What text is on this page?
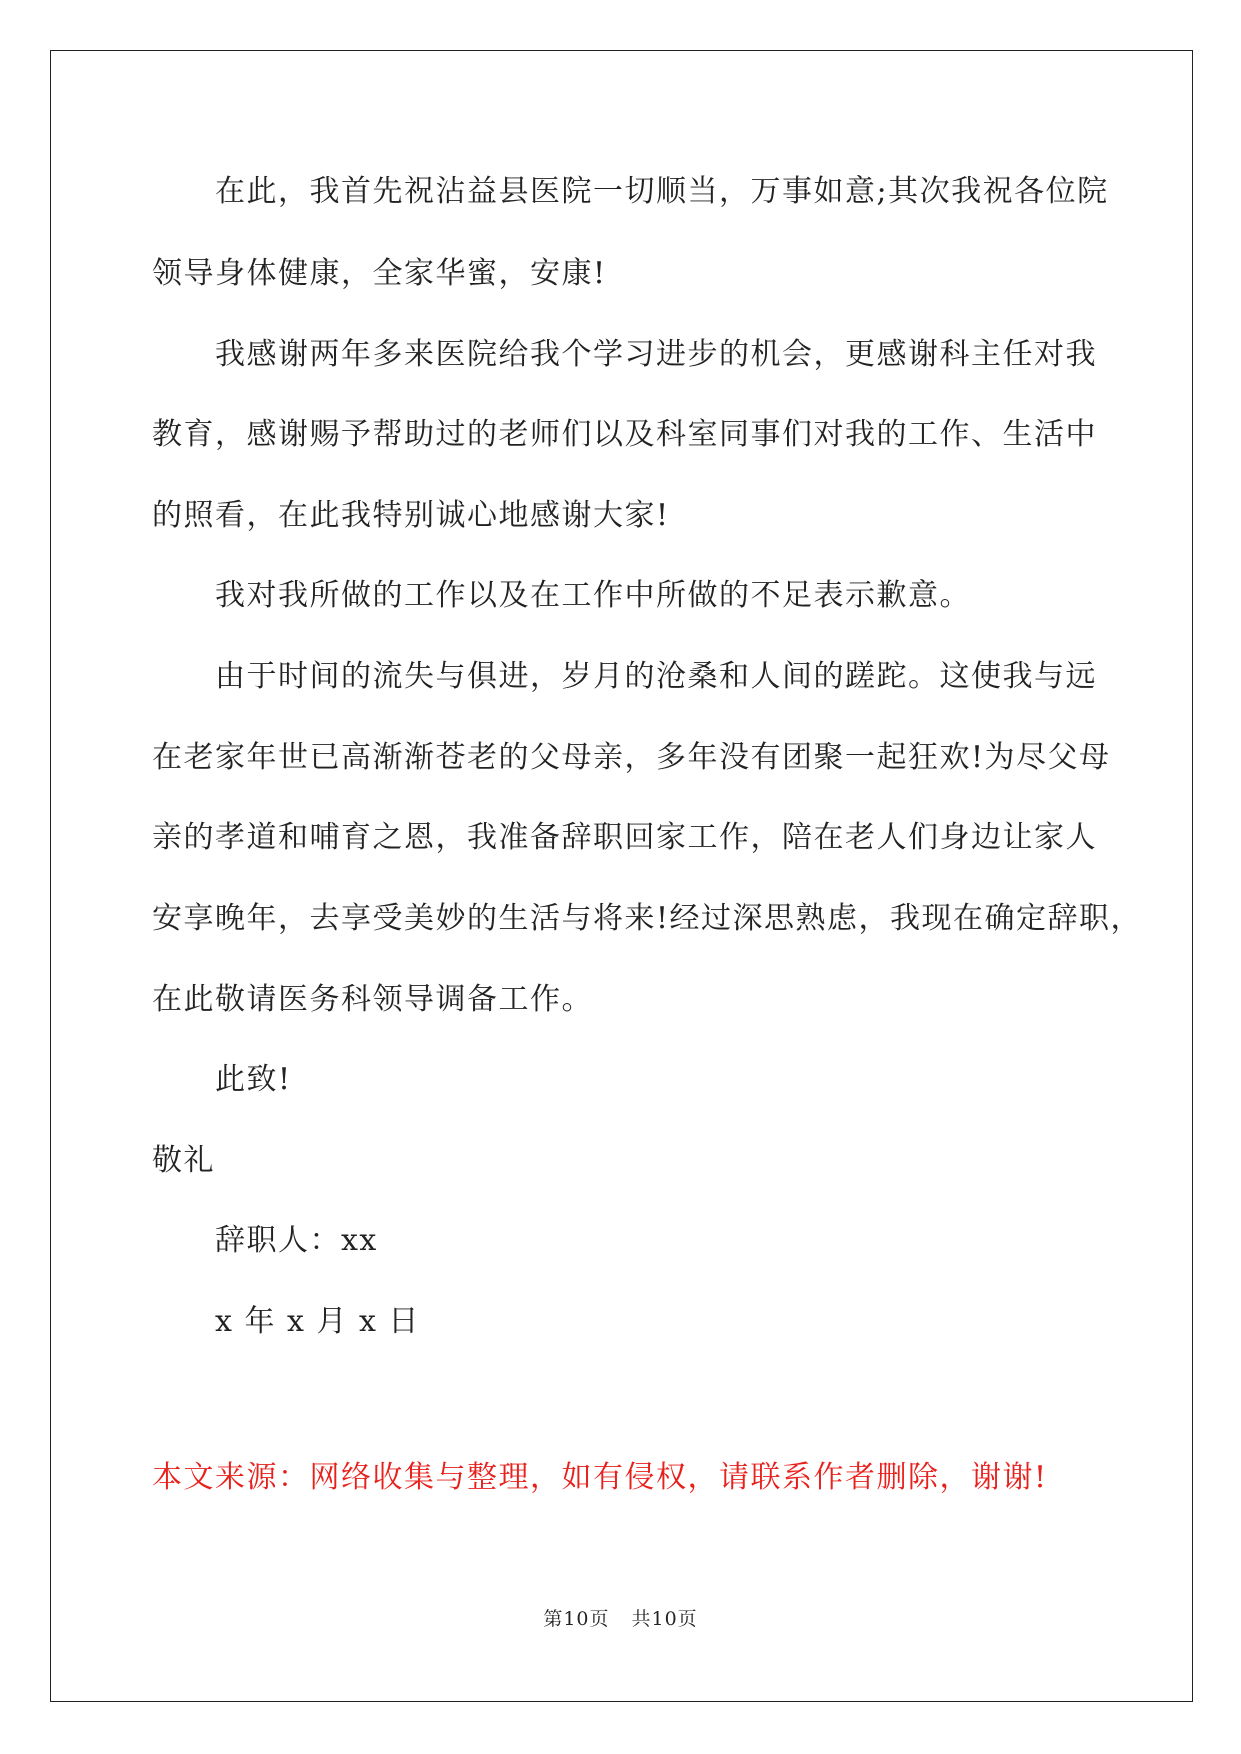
在此，我首先祝沾益县医院一切顺当，万事如意;其次我祝各位院
领导身体健康，全家华蜜，安康!
我感谢两年多来医院给我个学习进步的机会，更感谢科主任对我
教育，感谢赐予帮助过的老师们以及科室同事们对我的工作、生活中
的照看，在此我特别诚心地感谢大家!
我对我所做的工作以及在工作中所做的不足表示歉意。
由于时间的流失与俱进，岁月的沧桑和人间的蹉跎。这使我与远
在老家年世已高渐渐苍老的父母亲，多年没有团聚一起狂欢!为尽父母
亲的孝道和哺育之恩，我准备辞职回家工作，陪在老人们身边让家人
安享晚年，去享受美妙的生活与将来!经过深思熟虑，我现在确定辞职，
在此敬请医务科领导调备工作。
此致!
敬礼
辞职人：xx
x 年 x 月 x 日
本文来源：网络收集与整理，如有侵权，请联系作者删除，谢谢!
第10页 共10页
